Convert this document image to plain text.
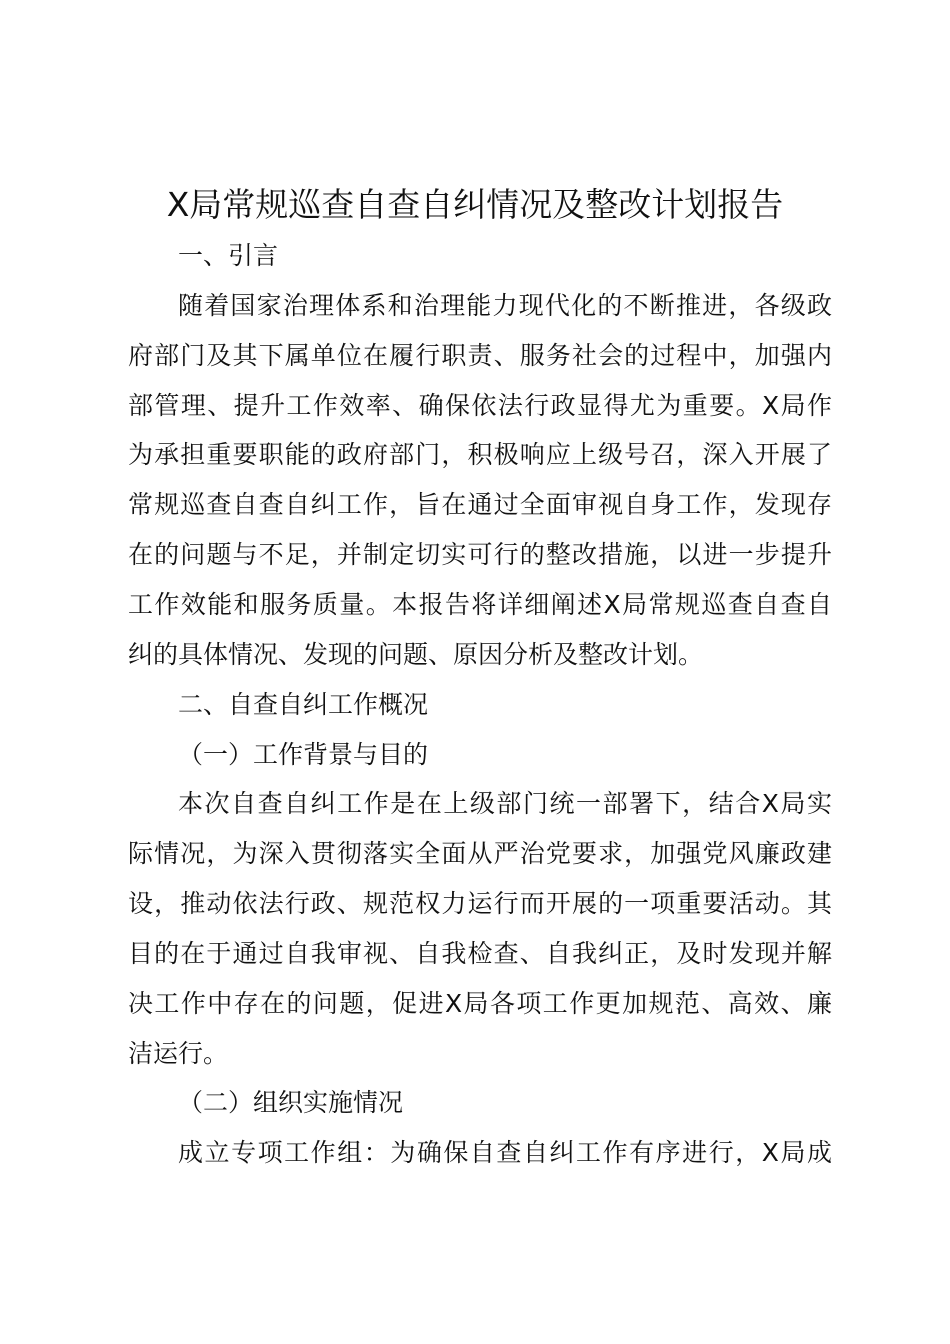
X局常规巡查自查自纠情况及整改计划报告
一、引言
随着国家治理体系和治理能力现代化的不断推进，各级政
府部门及其下属单位在履行职责、服务社会的过程中，加强内
部管理、提升工作效率、确保依法行政显得尤为重要。X局作
为承担重要职能的政府部门，积极响应上级号召，深入开展了
常规巡查自查自纠工作，旨在通过全面审视自身工作，发现存
在的问题与不足，并制定切实可行的整改措施，以进一步提升
工作效能和服务质量。本报告将详细阐述X局常规巡查自查自
纠的具体情况、发现的问题、原因分析及整改计划。
二、自查自纠工作概况
（一）工作背景与目的
本次自查自纠工作是在上级部门统一部署下，结合X局实
际情况，为深入贯彻落实全面从严治党要求，加强党风廉政建
设，推动依法行政、规范权力运行而开展的一项重要活动。其
目的在于通过自我审视、自我检查、自我纠正，及时发现并解
决工作中存在的问题，促进X局各项工作更加规范、高效、廉
洁运行。
（二）组织实施情况
成立专项工作组：为确保自查自纠工作有序进行，X局成
